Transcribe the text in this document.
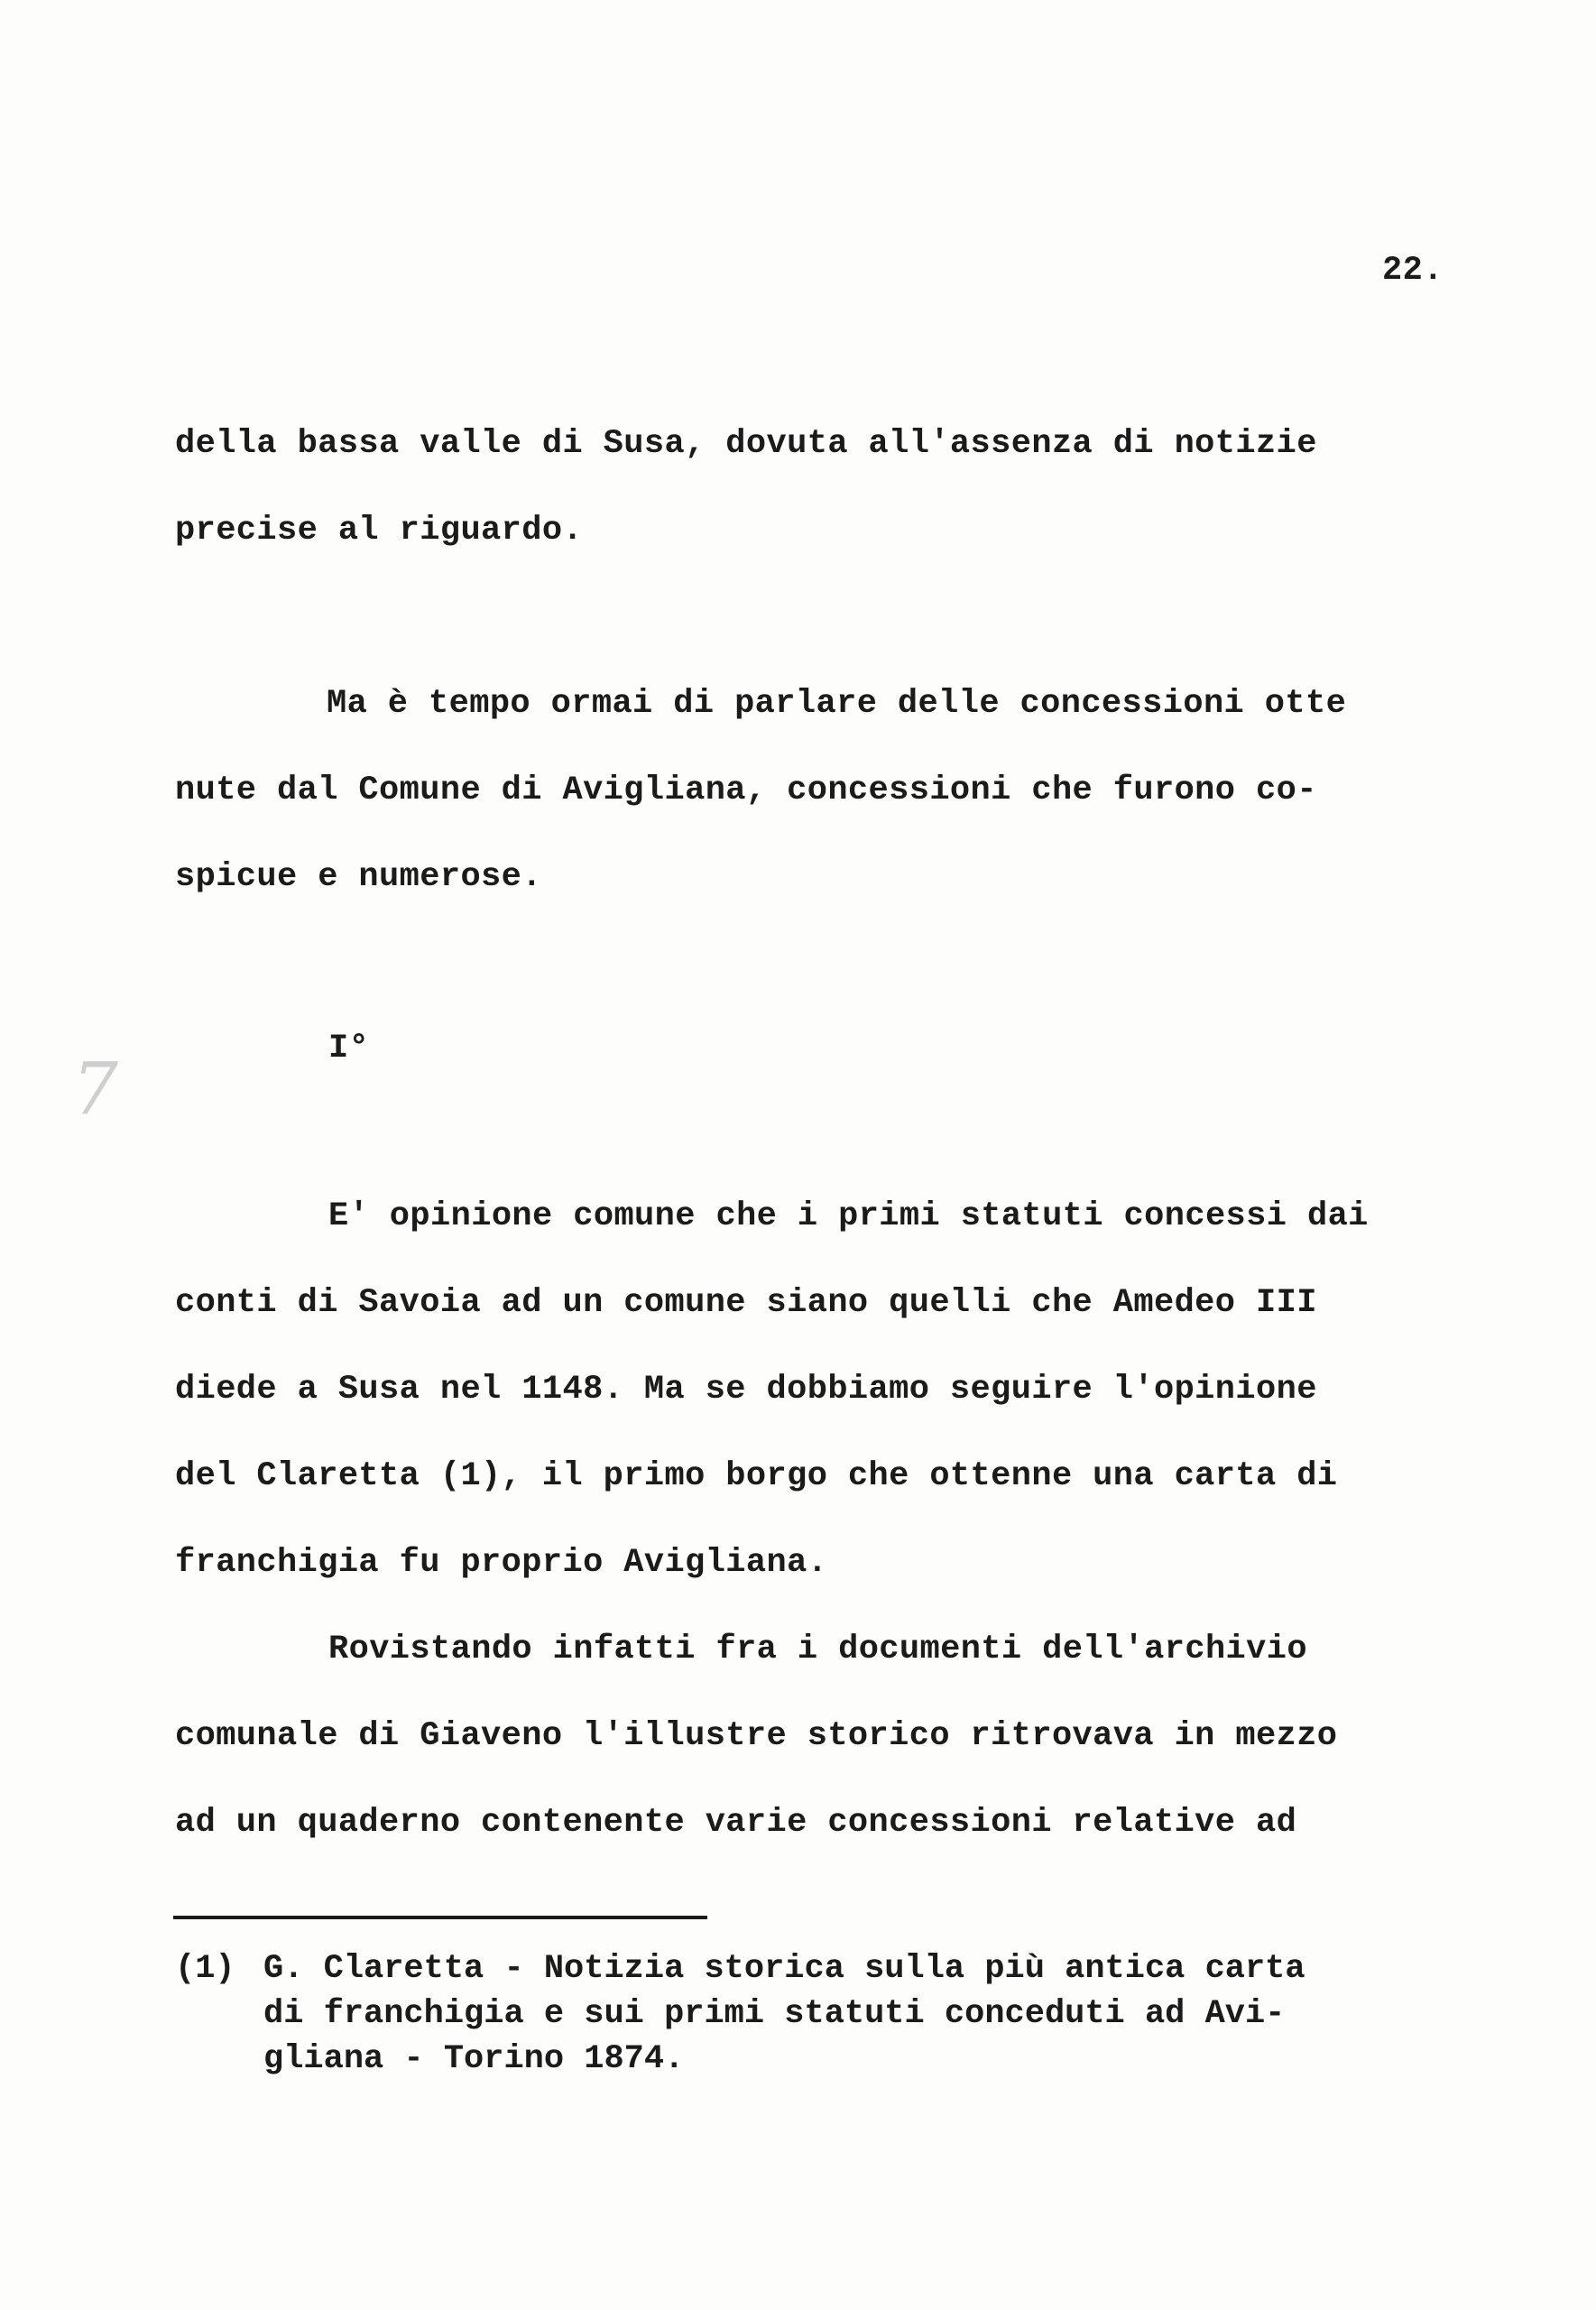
22.
7
della bassa valle di Susa, dovuta all'assenza di notizie
precise al riguardo.
Ma è tempo ormai di parlare delle concessioni otte
nute dal Comune di Avigliana, concessioni che furono co-
spicue e numerose.
I°
E' opinione comune che i primi statuti concessi dai
conti di Savoia ad un comune siano quelli che Amedeo III
diede a Susa nel 1148. Ma se dobbiamo seguire l'opinione
del Claretta (1), il primo borgo che ottenne una carta di
franchigia fu proprio Avigliana.
Rovistando infatti fra i documenti dell'archivio
comunale di Giaveno l'illustre storico ritrovava in mezzo
ad un quaderno contenente varie concessioni relative ad
(1) G. Claretta - Notizia storica sulla più antica carta
di franchigia e sui primi statuti conceduti ad Avi-
gliana - Torino 1874.
